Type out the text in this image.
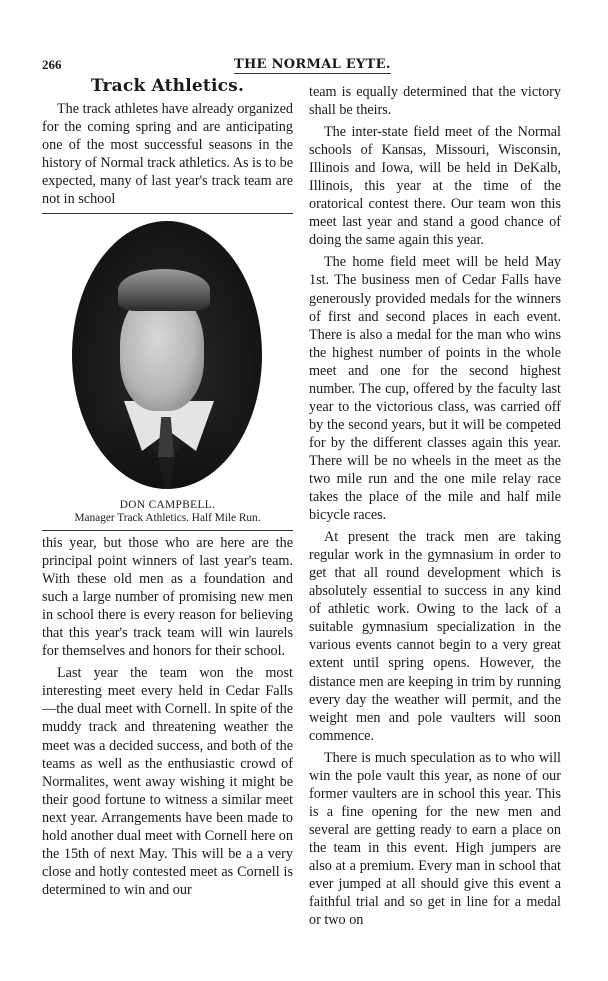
266	THE NORMAL EYTE.
Track Athletics.

The track athletes have already organized for the coming spring and are anticipating one of the most successful seasons in the history of Normal track athletics. As is to be expected, many of last year's track team are not in school

DON CAMPBELL.
Manager Track Athletics. Half Mile Run.

this year, but those who are here are the principal point winners of last year's team. With these old men as a foundation and such a large number of promising new men in school there is every reason for believing that this year's track team will win laurels for themselves and honors for their school.

Last year the team won the most interesting meet every held in Cedar Falls —the dual meet with Cornell. In spite of the muddy track and threatening weather the meet was a decided success, and both of the teams as well as the enthusiastic crowd of Normalites, went away wishing it might be their good fortune to witness a similar meet next year. Arrangements have been made to hold another dual meet with Cornell here on the 15th of next May. This will be a a very close and hotly contested meet as Cornell is determined to win and our

team is equally determined that the victory shall be theirs.

The inter-state field meet of the Normal schools of Kansas, Missouri, Wisconsin, Illinois and Iowa, will be held in DeKalb, Illinois, this year at the time of the oratorical contest there. Our team won this meet last year and stand a good chance of doing the same again this year.

The home field meet will be held May 1st. The business men of Cedar Falls have generously provided medals for the winners of first and second places in each event. There is also a medal for the man who wins the highest number of points in the whole meet and one for the second highest number. The cup, offered by the faculty last year to the victorious class, was carried off by the second years, but it will be competed for by the different classes again this year. There will be no wheels in the meet as the two mile run and the one mile relay race takes the place of the mile and half mile bicycle races.

At present the track men are taking regular work in the gymnasium in order to get that all round development which is absolutely essential to success in any kind of athletic work. Owing to the lack of a suitable gymnasium specialization in the various events cannot begin to a very great extent until spring opens. However, the distance men are keeping in trim by running every day the weather will permit, and the weight men and pole vaulters will soon commence.

There is much speculation as to who will win the pole vault this year, as none of our former vaulters are in school this year. This is a fine opening for the new men and several are getting ready to earn a place on the team in this event. High jumpers are also at a premium. Every man in school that ever jumped at all should give this event a faithful trial and so get in line for a medal or two on
